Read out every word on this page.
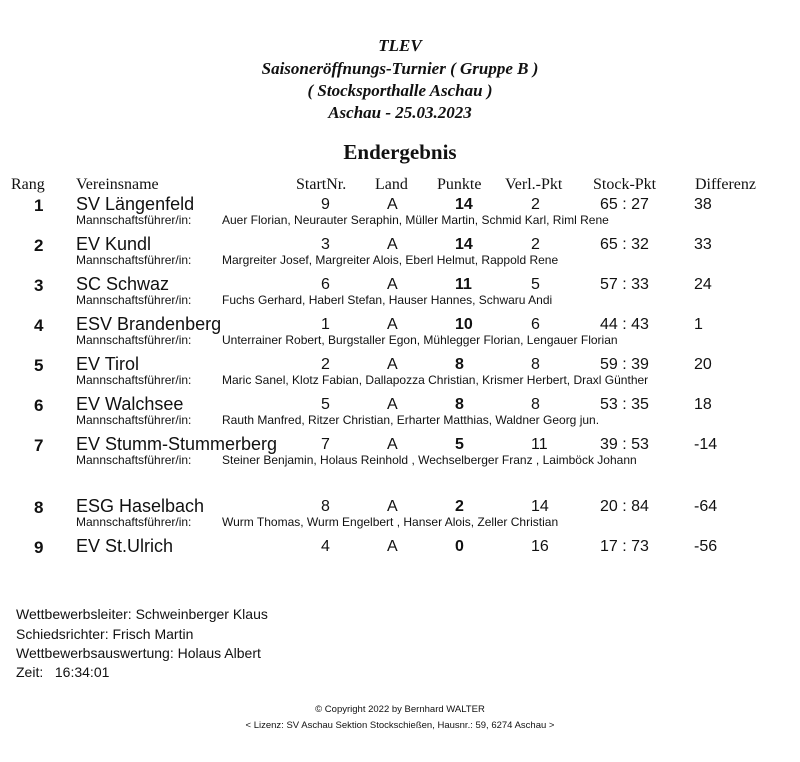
TLEV
Saisoneröffnungs-Turnier ( Gruppe B )
( Stocksporthalle Aschau )
Aschau - 25.03.2023
Endergebnis
Rang Vereinsname	StartNr. Land Punkte Verl.-Pkt Stock-Pkt Differenz
1 SV Längenfeld	9	A	14	2	65 : 27	38
Mannschaftsführer/in:	Auer Florian, Neurauter Seraphin, Müller Martin, Schmid Karl, Riml Rene
2 EV Kundl	3	A	14	2	65 : 32	33
Mannschaftsführer/in:	Margreiter Josef, Margreiter Alois, Eberl Helmut, Rappold Rene
3 SC Schwaz	6	A	11	5	57 : 33	24
Mannschaftsführer/in:	Fuchs Gerhard, Haberl Stefan, Hauser Hannes, Schwaru Andi
4 ESV Brandenberg	1	A	10	6	44 : 43	1
Mannschaftsführer/in:	Unterrainer Robert, Burgstaller Egon, Mühlegger Florian, Lengauer Florian
5 EV Tirol	2	A	8	8	59 : 39	20
Mannschaftsführer/in:	Maric Sanel, Klotz Fabian, Dallapozza Christian, Krismer Herbert, Draxl Günther
6 EV Walchsee	5	A	8	8	53 : 35	18
Mannschaftsführer/in:	Rauth Manfred, Ritzer Christian, Erharter Matthias, Waldner Georg jun.
7 EV Stumm-Stummerberg	7	A	5	11	39 : 53	-14
Mannschaftsführer/in:	Steiner Benjamin, Holaus Reinhold , Wechselberger Franz , Laimböck Johann
8 ESG Haselbach	8	A	2	14	20 : 84	-64
Mannschaftsführer/in:	Wurm Thomas, Wurm Engelbert , Hanser Alois, Zeller Christian
9 EV St.Ulrich	4	A	0	16	17 : 73	-56
Wettbewerbsleiter: Schweinberger Klaus
Schiedsrichter: Frisch Martin
Wettbewerbsauswertung: Holaus Albert
Zeit:   16:34:01
© Copyright 2022 by Bernhard WALTER
< Lizenz: SV Aschau Sektion Stockschießen, Hausnr.: 59, 6274 Aschau >
